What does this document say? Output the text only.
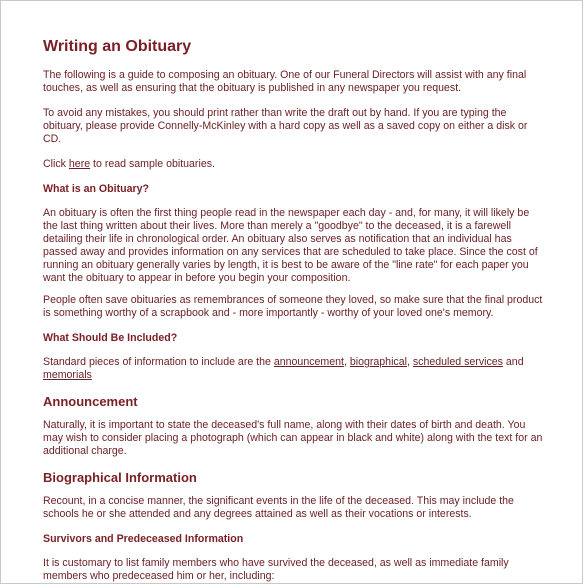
Writing an Obituary

The following is a guide to composing an obituary. One of our Funeral Directors will assist with any final touches, as well as ensuring that the obituary is published in any newspaper you request.

To avoid any mistakes, you should print rather than write the draft out by hand. If you are typing the obituary, please provide Connelly-McKinley with a hard copy as well as a saved copy on either a disk or CD.

Click here to read sample obituaries.

What is an Obituary?

An obituary is often the first thing people read in the newspaper each day - and, for many, it will likely be the last thing written about their lives. More than merely a "goodbye" to the deceased, it is a farewell detailing their life in chronological order. An obituary also serves as notification that an individual has passed away and provides information on any services that are scheduled to take place. Since the cost of running an obituary generally varies by length, it is best to be aware of the "line rate" for each paper you want the obituary to appear in before you begin your composition.

People often save obituaries as remembrances of someone they loved, so make sure that the final product is something worthy of a scrapbook and - more importantly - worthy of your loved one's memory.

What Should Be Included?

Standard pieces of information to include are the announcement, biographical, scheduled services and memorials

Announcement

Naturally, it is important to state the deceased's full name, along with their dates of birth and death. You may wish to consider placing a photograph (which can appear in black and white) along with the text for an additional charge.

Biographical Information

Recount, in a concise manner, the significant events in the life of the deceased. This may include the schools he or she attended and any degrees attained as well as their vocations or interests.

Survivors and Predeceased Information

It is customary to list family members who have survived the deceased, as well as immediate family members who predeceased him or her, including:
